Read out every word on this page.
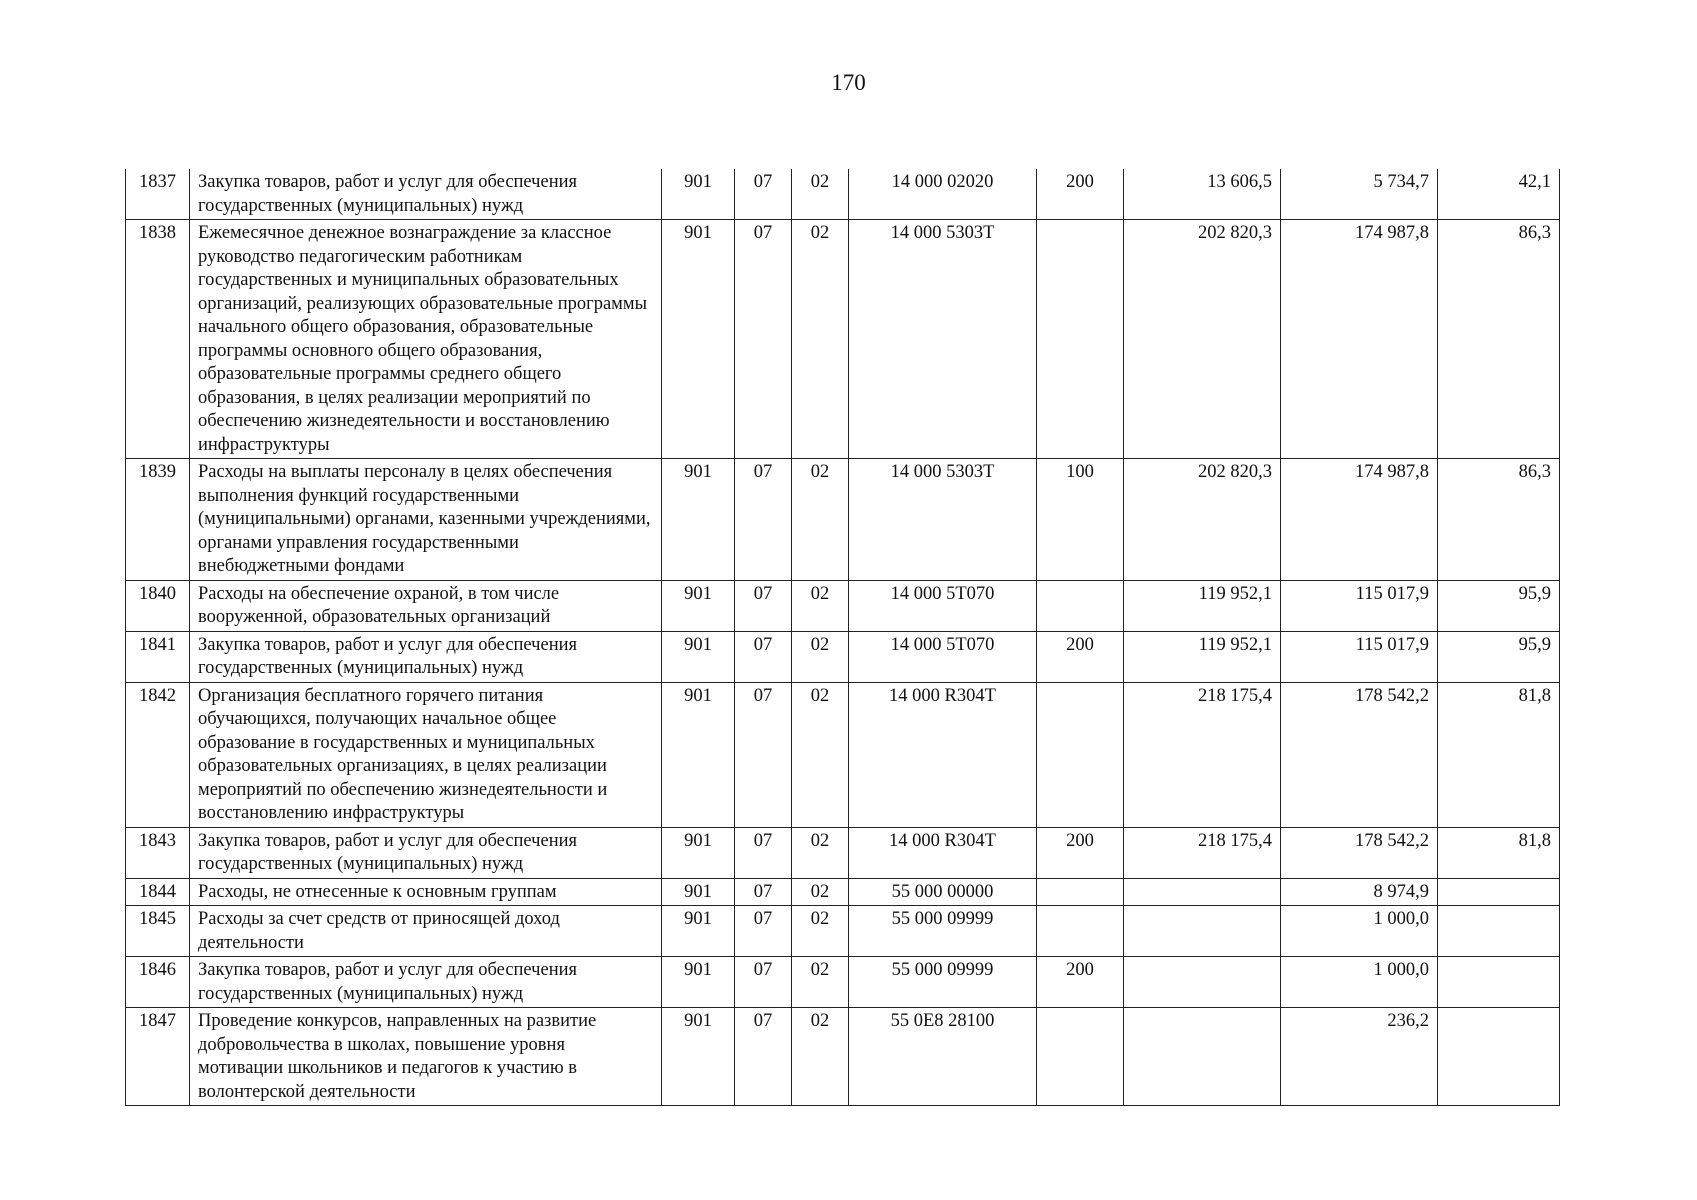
170
1837	Закупка товаров, работ и услуг для обеспечения государственных (муниципальных) нужд	901	07	02	14 000 02020	200	13 606,5	5 734,7	42,1
1838	Ежемесячное денежное вознаграждение за классное руководство педагогическим работникам государственных и муниципальных образовательных организаций, реализующих образовательные программы начального общего образования, образовательные программы основного общего образования, образовательные программы среднего общего образования, в целях реализации мероприятий по обеспечению жизнедеятельности и восстановлению инфраструктуры	901	07	02	14 000 5303Т		202 820,3	174 987,8	86,3
1839	Расходы на выплаты персоналу в целях обеспечения выполнения функций государственными (муниципальными) органами, казенными учреждениями, органами управления государственными внебюджетными фондами	901	07	02	14 000 5303Т	100	202 820,3	174 987,8	86,3
1840	Расходы на обеспечение охраной, в том числе вооруженной, образовательных организаций	901	07	02	14 000 5Т070		119 952,1	115 017,9	95,9
1841	Закупка товаров, работ и услуг для обеспечения государственных (муниципальных) нужд	901	07	02	14 000 5Т070	200	119 952,1	115 017,9	95,9
1842	Организация бесплатного горячего питания обучающихся, получающих начальное общее образование в государственных и муниципальных образовательных организациях, в целях реализации мероприятий по обеспечению жизнедеятельности и восстановлению инфраструктуры	901	07	02	14 000 R304Т		218 175,4	178 542,2	81,8
1843	Закупка товаров, работ и услуг для обеспечения государственных (муниципальных) нужд	901	07	02	14 000 R304Т	200	218 175,4	178 542,2	81,8
1844	Расходы, не отнесенные к основным группам	901	07	02	55 000 00000			8 974,9	
1845	Расходы за счет средств от приносящей доход деятельности	901	07	02	55 000 09999			1 000,0	
1846	Закупка товаров, работ и услуг для обеспечения государственных (муниципальных) нужд	901	07	02	55 000 09999	200		1 000,0	
1847	Проведение конкурсов, направленных на развитие добровольчества в школах, повышение уровня мотивации школьников и педагогов к участию в волонтерской деятельности	901	07	02	55 0Е8 28100			236,2	
